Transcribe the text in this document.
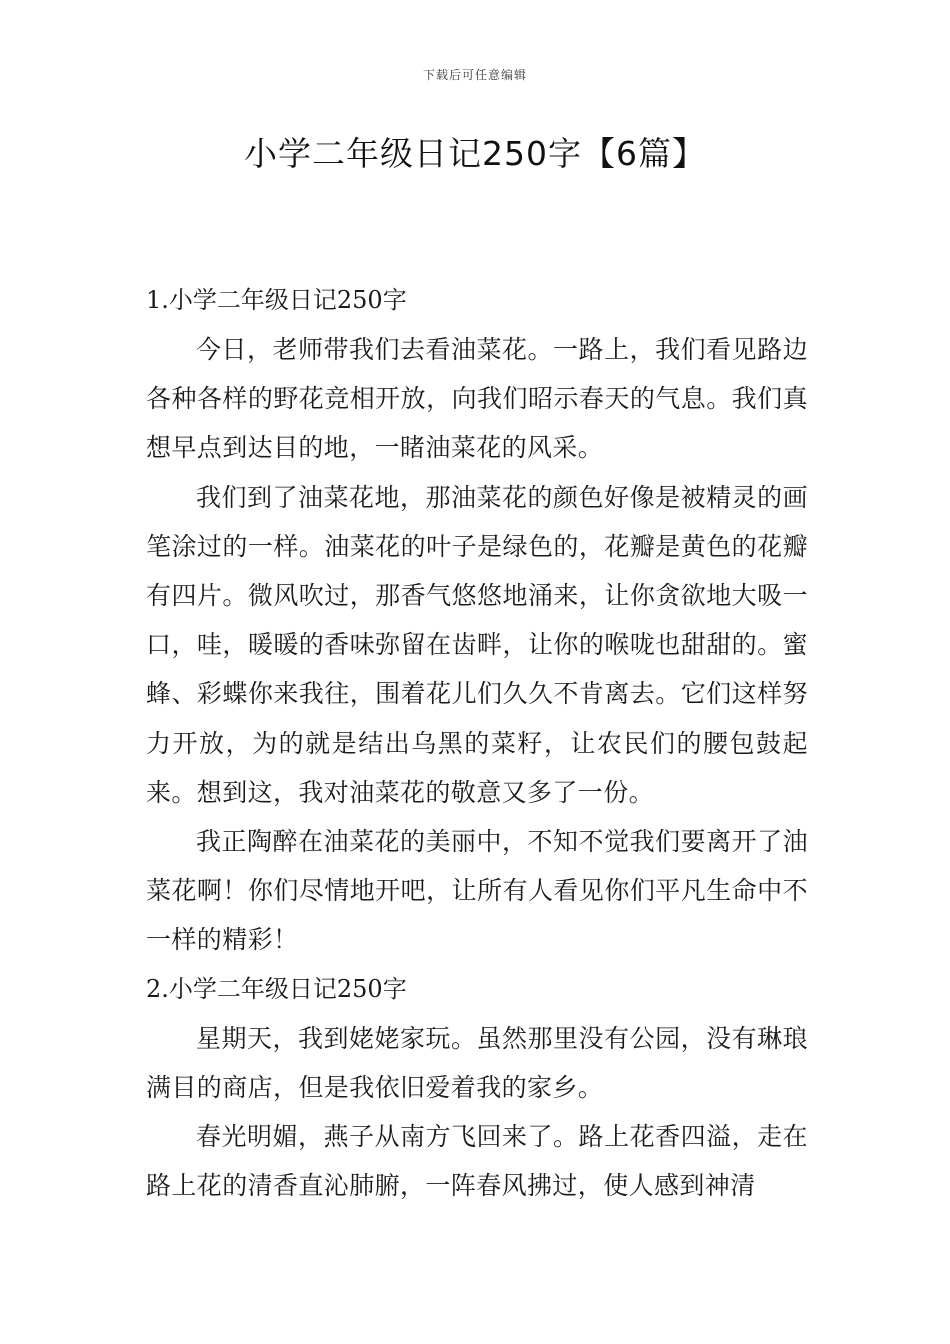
下载后可任意编辑
小学二年级日记250字【6篇】
1.小学二年级日记250字

今日，老师带我们去看油菜花。一路上，我们看见路边各种各样的野花竞相开放，向我们昭示春天的气息。我们真想早点到达目的地，一睹油菜花的风采。

我们到了油菜花地，那油菜花的颜色好像是被精灵的画笔涂过的一样。油菜花的叶子是绿色的，花瓣是黄色的花瓣有四片。微风吹过，那香气悠悠地涌来，让你贪欲地大吸一口，哇，暖暖的香味弥留在齿畔，让你的喉咙也甜甜的。蜜蜂、彩蝶你来我往，围着花儿们久久不肯离去。它们这样努力开放，为的就是结出乌黑的菜籽，让农民们的腰包鼓起来。想到这，我对油菜花的敬意又多了一份。

我正陶醉在油菜花的美丽中，不知不觉我们要离开了油菜花啊！你们尽情地开吧，让所有人看见你们平凡生命中不一样的精彩！

2.小学二年级日记250字

星期天，我到姥姥家玩。虽然那里没有公园，没有琳琅满目的商店，但是我依旧爱着我的家乡。

春光明媚，燕子从南方飞回来了。路上花香四溢，走在路上花的清香直沁肺腑，一阵春风拂过，使人感到神清
